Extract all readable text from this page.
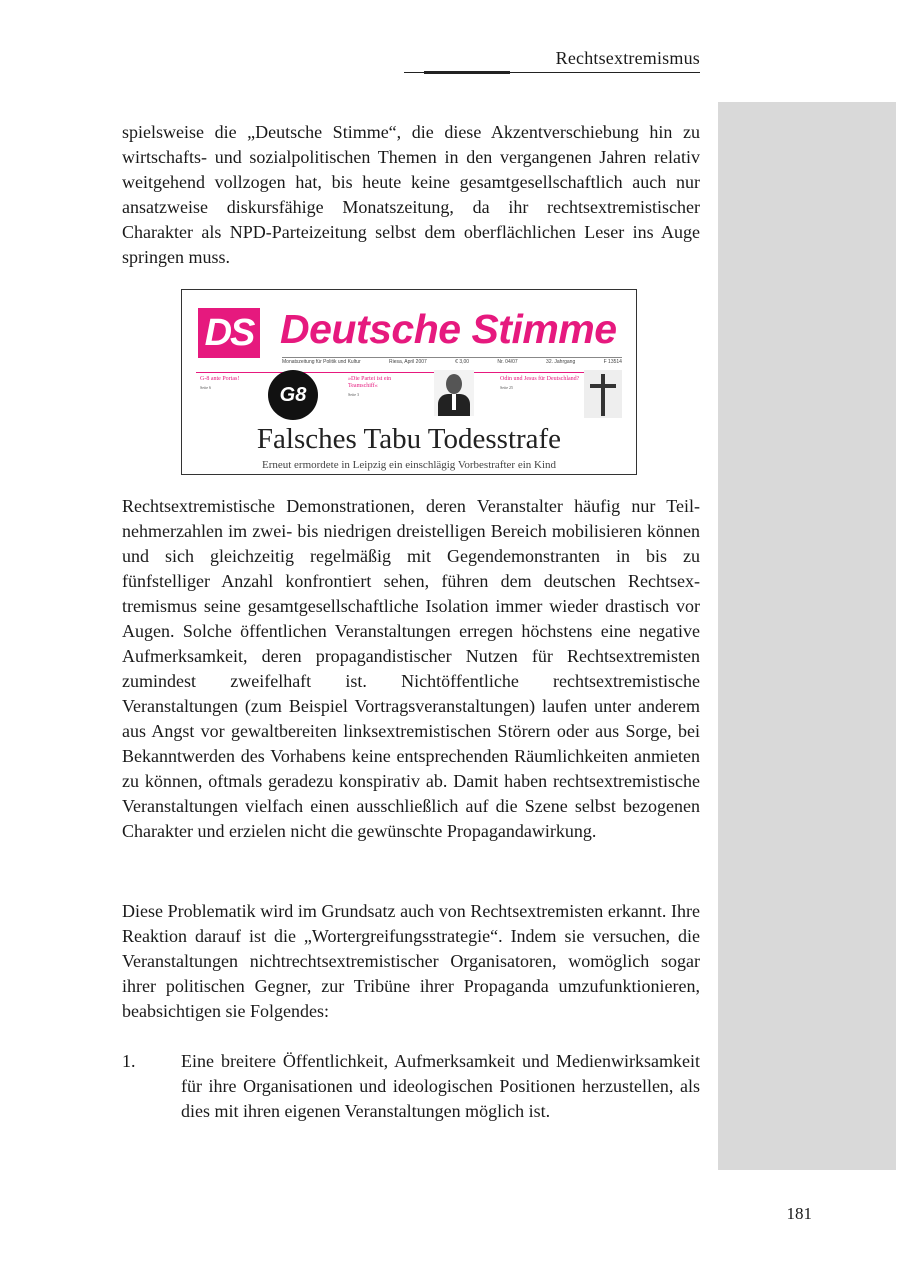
Rechtsextremismus

spielsweise die „Deutsche Stimme“, die diese Akzentverschiebung hin zu wirtschafts- und sozialpolitischen Themen in den vergangenen Jahren relativ weitgehend vollzogen hat, bis heute keine gesamtgesellschaftlich auch nur ansatzweise diskursfähige Monatszeitung, da ihr rechtsextremistischer Charakter als NPD-Parteizeitung selbst dem oberflächlichen Leser ins Auge springen muss.

DS Deutsche Stimme
Monatszeitung für Politik und Kultur	Riesa, April 2007	€ 3,00	Nr. 04/07	32. Jahrgang	F 13514
G-8 ante Portas!
Seite 6	G8
»Die Partei ist ein Teamschiff«
Seite 3
Odin und Jesus für Deutschland?
Seite 25
Falsches Tabu Todesstrafe
Erneut ermordete in Leipzig ein einschlägig Vorbestrafter ein Kind

Rechtsextremistische Demonstrationen, deren Veranstalter häufig nur Teilnehmerzahlen im zwei- bis niedrigen dreistelligen Bereich mobilisieren können und sich gleichzeitig regelmäßig mit Gegendemonstranten in bis zu fünfstelliger Anzahl konfrontiert sehen, führen dem deutschen Rechtsextremismus seine gesamtgesellschaftliche Isolation immer wieder drastisch vor Augen. Solche öffentlichen Veranstaltungen erregen höchstens eine negative Aufmerksamkeit, deren propagandistischer Nutzen für Rechtsextremisten zumindest zweifelhaft ist. Nichtöffentliche rechtsextremistische Veranstaltungen (zum Beispiel Vortragsveranstaltungen) laufen unter anderem aus Angst vor gewaltbereiten linksextremistischen Störern oder aus Sorge, bei Bekanntwerden des Vorhabens keine entsprechenden Räumlichkeiten anmieten zu können, oftmals geradezu konspirativ ab. Damit haben rechtsextremistische Veranstaltungen vielfach einen ausschließlich auf die Szene selbst bezogenen Charakter und erzielen nicht die gewünschte Propagandawirkung.

Diese Problematik wird im Grundsatz auch von Rechtsextremisten erkannt. Ihre Reaktion darauf ist die „Wortergreifungsstrategie“. Indem sie versuchen, die Veranstaltungen nichtrechtsextremistischer Organisatoren, womöglich sogar ihrer politischen Gegner, zur Tribüne ihrer Propaganda umzufunktionieren, beabsichtigen sie Folgendes:

1.	Eine breitere Öffentlichkeit, Aufmerksamkeit und Medienwirksamkeit für ihre Organisationen und ideologischen Positionen herzustellen, als dies mit ihren eigenen Veranstaltungen möglich ist.

181
